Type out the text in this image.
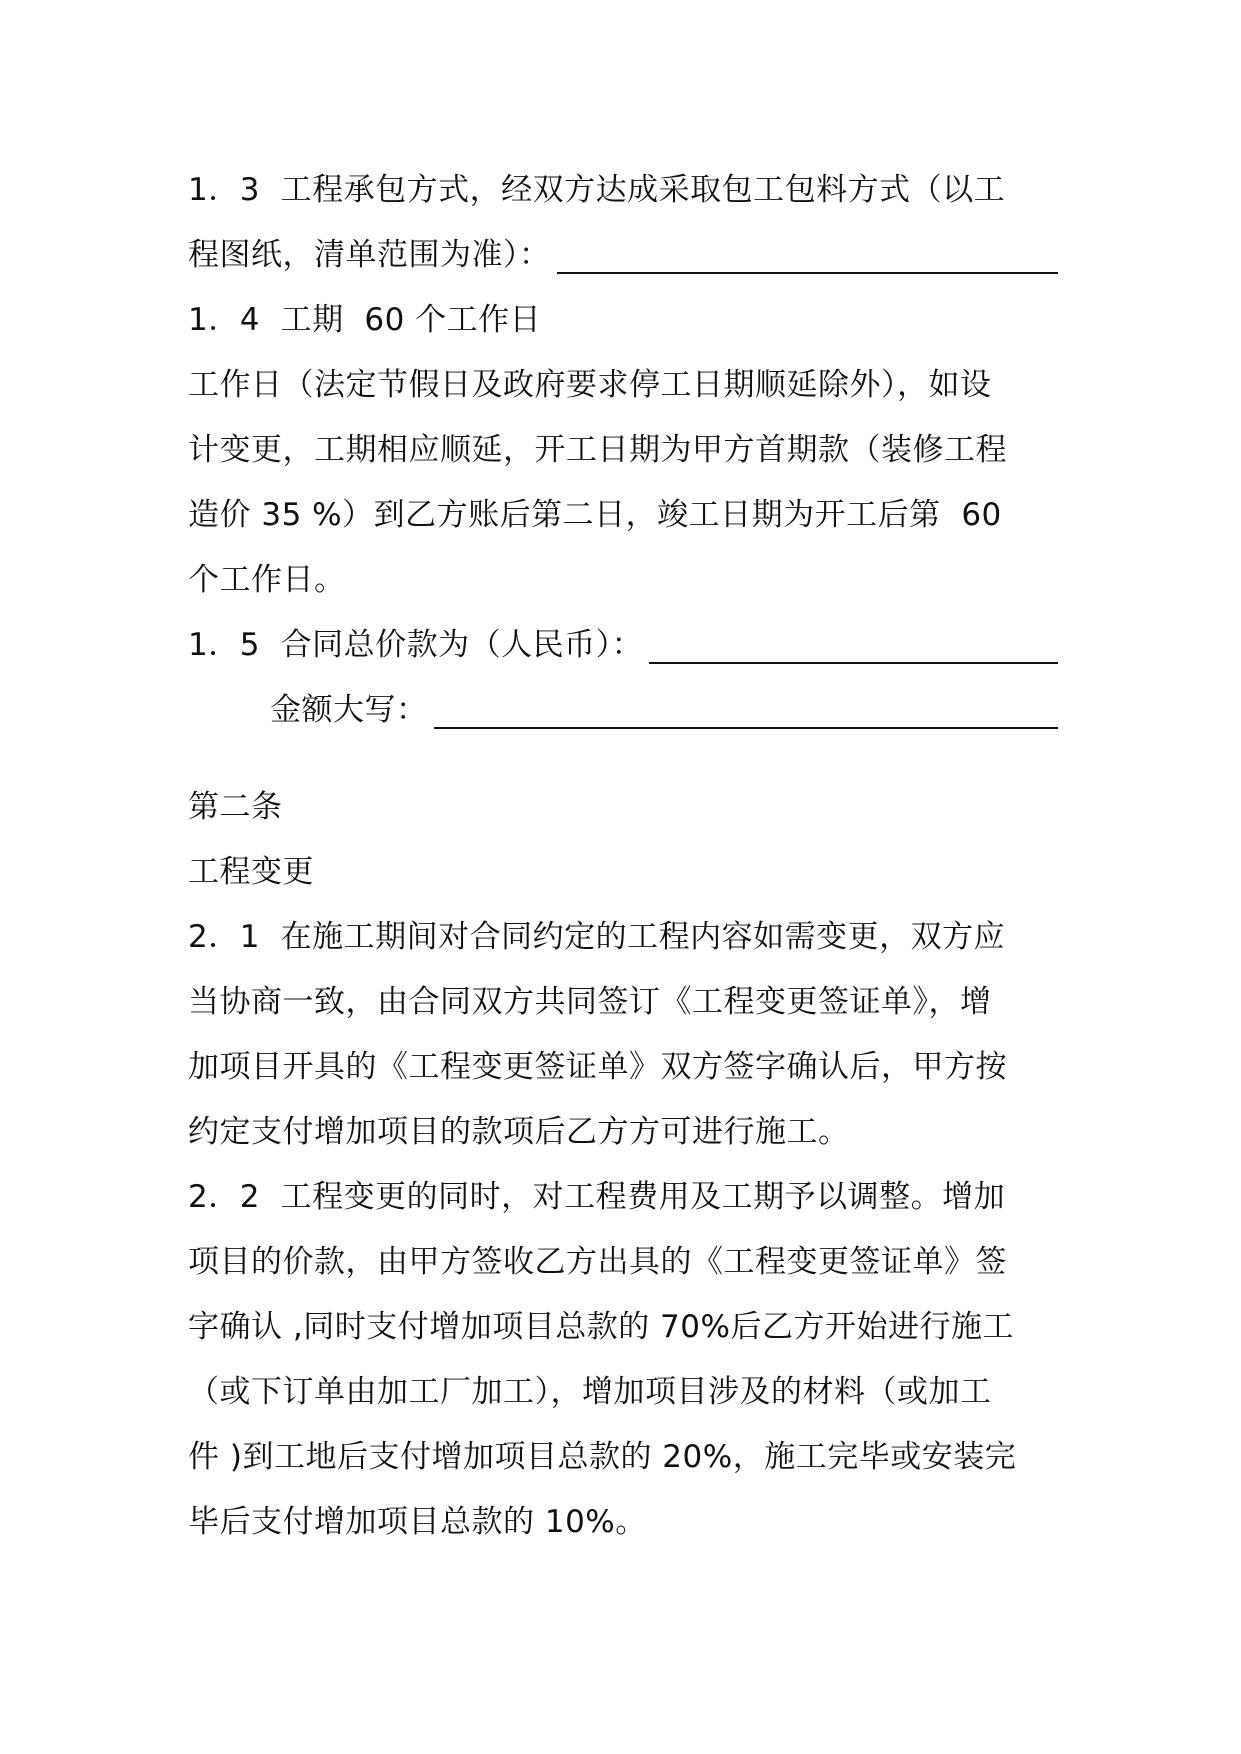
1．3  工程承包方式，经双方达成采取包工包料方式（以工
程图纸，清单范围为准）：
1．4  工期  60 个工作日
工作日（法定节假日及政府要求停工日期顺延除外），如设
计变更，工期相应顺延，开工日期为甲方首期款（装修工程
造价 35 %）到乙方账后第二日，竣工日期为开工后第  60
个工作日。
1．5  合同总价款为（人民币）：
金额大写：
第二条
工程变更
2．1  在施工期间对合同约定的工程内容如需变更，双方应
当协商一致，由合同双方共同签订《工程变更签证单》，增
加项目开具的《工程变更签证单》双方签字确认后，甲方按
约定支付增加项目的款项后乙方方可进行施工。
2．2  工程变更的同时，对工程费用及工期予以调整。增加
项目的价款，由甲方签收乙方出具的《工程变更签证单》签
字确认 ,同时支付增加项目总款的 70%后乙方开始进行施工
（或下订单由加工厂加工），增加项目涉及的材料（或加工
件 )到工地后支付增加项目总款的 20%，施工完毕或安装完
毕后支付增加项目总款的 10%。
